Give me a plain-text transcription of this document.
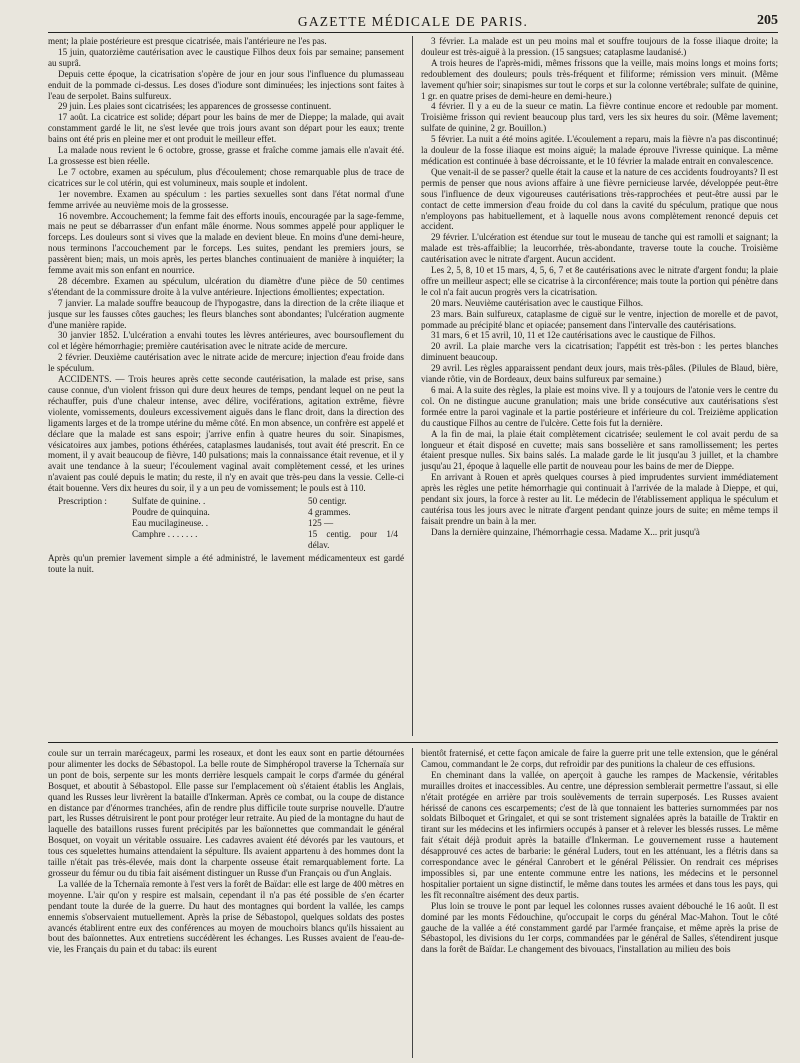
GAZETTE MÉDICALE DE PARIS.	205

ment; la plaie postérieure est presque cicatrisée, mais l'antérieure ne l'es pas.

15 juin, quatorzième cautérisation avec le caustique Filhos deux fois par semaine; pansement au suprâ.

Depuis cette époque, la cicatrisation s'opère de jour en jour sous l'influence du plumasseau enduit de la pommade ci-dessus. Les doses d'iodure sont diminuées; les injections sont faites à l'eau de serpolet. Bains sulfureux.

29 juin. Les plaies sont cicatrisées; les apparences de grossesse continuent.

17 août. La cicatrice est solide; départ pour les bains de mer de Dieppe; la malade, qui avait constamment gardé le lit, ne s'est levée que trois jours avant son départ pour les eaux; trente bains ont été pris en pleine mer et ont produit le meilleur effet.

La malade nous revient le 6 octobre, grosse, grasse et fraîche comme jamais elle n'avait été. La grossesse est bien réelle.

Le 7 octobre, examen au spéculum, plus d'écoulement; chose remarquable plus de trace de cicatrices sur le col utérin, qui est volumineux, mais souple et indolent.

1er novembre. Examen au spéculum : les parties sexuelles sont dans l'état normal d'une femme arrivée au neuvième mois de la grossesse.

16 novembre. Accouchement; la femme fait des efforts inouïs, encouragée par la sage-femme, mais ne peut se débarrasser d'un enfant mâle énorme. Nous sommes appelé pour appliquer le forceps. Les douleurs sont si vives que la malade en devient bleue. En moins d'une demi-heure, nous terminons l'accouchement par le forceps. Les suites, pendant les premiers jours, se passèrent bien; mais, un mois après, les pertes blanches continuaient de manière à inquiéter; la femme avait mis son enfant en nourrice.

28 décembre. Examen au spéculum, ulcération du diamètre d'une pièce de 50 centimes s'étendant de la commissure droite à la vulve antérieure. Injections émollientes; expectation.

7 janvier. La malade souffre beaucoup de l'hypogastre, dans la direction de la crête iliaque et jusque sur les fausses côtes gauches; les fleurs blanches sont abondantes; l'ulcération augmente d'une manière rapide.

30 janvier 1852. L'ulcération a envahi toutes les lèvres antérieures, avec boursouflement du col et légère hémorrhagie; première cautérisation avec le nitrate acide de mercure.

2 février. Deuxième cautérisation avec le nitrate acide de mercure; injection d'eau froide dans le spéculum.

ACCIDENTS. — Trois heures après cette seconde cautérisation, la malade est prise, sans cause connue, d'un violent frisson qui dure deux heures de temps, pendant lequel on ne peut la réchauffer, puis d'une chaleur intense, avec délire, vociférations, agitation extrême, fièvre violente, vomissements, douleurs excessivement aiguës dans le flanc droit, dans la direction des ligaments larges et de la trompe utérine du même côté. En mon absence, un confrère est appelé et déclare que la malade est sans espoir; j'arrive enfin à quatre heures du soir. Sinapismes, vésicatoires aux jambes, potions éthérées, cataplasmes laudanisés, tout avait été prescrit. En ce moment, il y avait beaucoup de fièvre, 140 pulsations; mais la connaissance était revenue, et il y avait une tendance à la sueur; l'écoulement vaginal avait complètement cessé, et les urines n'avaient pas coulé depuis le matin; du reste, il n'y en avait que très-peu dans la vessie. Celle-ci était bouenne. Vers dix heures du soir, il y a un peu de vomissement; le pouls est à 110.

Prescription :	Sulfate de quinine. .	50 centigr.
	Poudre de quinquina.	4 grammes.
	Eau mucilagineuse. .	125 —
	Camphre . . . . . . .	15 centig. pour 1/4 délav.

Après qu'un premier lavement simple a été administré, le lavement médicamenteux est gardé toute la nuit.

3 février. La malade est un peu moins mal et souffre toujours de la fosse iliaque droite; la douleur est très-aiguë à la pression. (15 sangsues; cataplasme laudanisé.)

A trois heures de l'après-midi, mêmes frissons que la veille, mais moins longs et moins forts; redoublement des douleurs; pouls très-fréquent et filiforme; rémission vers minuit. (Même lavement qu'hier soir; sinapismes sur tout le corps et sur la colonne vertébrale; sulfate de quinine, 1 gr. en quatre prises de demi-heure en demi-heure.)

4 février. Il y a eu de la sueur ce matin. La fièvre continue encore et redouble par moment. Troisième frisson qui revient beaucoup plus tard, vers les six heures du soir. (Même lavement; sulfate de quinine, 2 gr. Bouillon.)

5 février. La nuit a été moins agitée. L'écoulement a reparu, mais la fièvre n'a pas discontinué; la douleur de la fosse iliaque est moins aiguë; la malade éprouve l'ivresse quinique. La même médication est continuée à base décroissante, et le 10 février la malade entrait en convalescence.

Que venait-il de se passer? quelle était la cause et la nature de ces accidents foudroyants? Il est permis de penser que nous avions affaire à une fièvre pernicieuse larvée, développée peut-être sous l'influence de deux vigoureuses cautérisations très-rapprochées et peut-être aussi par le contact de cette immersion d'eau froide du col dans la cavité du spéculum, pratique que nous n'employons pas habituellement, et à laquelle nous avons complètement renoncé depuis cet accident.

29 février. L'ulcération est étendue sur tout le museau de tanche qui est ramolli et saignant; la malade est très-affaiblie; la leucorrhée, très-abondante, traverse toute la couche. Troisième cautérisation avec le nitrate d'argent. Aucun accident.

Les 2, 5, 8, 10 et 15 mars, 4, 5, 6, 7 et 8e cautérisations avec le nitrate d'argent fondu; la plaie offre un meilleur aspect; elle se cicatrise à la circonférence; mais toute la portion qui pénètre dans le col n'a fait aucun progrès vers la cicatrisation.

20 mars. Neuvième cautérisation avec le caustique Filhos.

23 mars. Bain sulfureux, cataplasme de ciguë sur le ventre, injection de morelle et de pavot, pommade au précipité blanc et opiacée; pansement dans l'intervalle des cautérisations.

31 mars, 6 et 15 avril, 10, 11 et 12e cautérisations avec le caustique de Filhos.

20 avril. La plaie marche vers la cicatrisation; l'appétit est très-bon : les pertes blanches diminuent beaucoup.

29 avril. Les règles apparaissent pendant deux jours, mais très-pâles. (Pilules de Blaud, bière, viande rôtie, vin de Bordeaux, deux bains sulfureux par semaine.)

6 mai. A la suite des règles, la plaie est moins vive. Il y a toujours de l'atonie vers le centre du col. On ne distingue aucune granulation; mais une bride consécutive aux cautérisations s'est formée entre la paroi vaginale et la partie postérieure et inférieure du col. Treizième application du caustique Filhos au centre de l'ulcère. Cette fois fut la dernière.

A la fin de mai, la plaie était complètement cicatrisée; seulement le col avait perdu de sa longueur et était disposé en cuvette; mais sans bosselière et sans ramollissement; les pertes étaient presque nulles. Six bains salés. La malade garde le lit jusqu'au 3 juillet, et la chambre jusqu'au 21, époque à laquelle elle partit de nouveau pour les bains de mer de Dieppe.

En arrivant à Rouen et après quelques courses à pied imprudentes survient immédiatement après les règles une petite hémorrhagie qui continuait à l'arrivée de la malade à Dieppe, et qui, pendant six jours, la force à rester au lit. Le médecin de l'établissement appliqua le spéculum et cautérisa tous les jours avec le nitrate d'argent pendant quinze jours de suite; en même temps il faisait prendre un bain à la mer.

Dans la dernière quinzaine, l'hémorrhagie cessa. Madame X... prit jusqu'à

coule sur un terrain marécageux, parmi les roseaux, et dont les eaux sont en partie détournées pour alimenter les docks de Sébastopol. La belle route de Simphéropol traverse la Tchernaïa sur un pont de bois, serpente sur les monts derrière lesquels campait le corps d'armée du général Bosquet, et aboutit à Sébastopol. Elle passe sur l'emplacement où s'étaient établis les Anglais, quand les Russes leur livrèrent la bataille d'Inkerman. Après ce combat, ou la coupe de distance en distance par d'énormes tranchées, afin de rendre plus difficile toute surprise nouvelle. D'autre part, les Russes détruisirent le pont pour protéger leur retraite. Au pied de la montagne du haut de laquelle des bataillons russes furent précipités par les baïonnettes que commandait le général Bosquet, on voyait un véritable ossuaire. Les cadavres avaient été dévorés par les vautours, et tous ces squelettes humains attendaient la sépulture. Ils avaient appartenu à des hommes dont la taille n'était pas très-élevée, mais dont la charpente osseuse était remarquablement forte. La grosseur du fémur ou du tibia fait aisément distinguer un Russe d'un Français ou d'un Anglais.

La vallée de la Tchernaïa remonte à l'est vers la forêt de Baïdar: elle est large de 400 mètres en moyenne. L'air qu'on y respire est malsain, cependant il n'a pas été possible de s'en écarter pendant toute la durée de la guerre. Du haut des montagnes qui bordent la vallée, les camps ennemis s'observaient mutuellement. Après la prise de Sébastopol, quelques soldats des postes avancés établirent entre eux des conférences au moyen de mouchoirs blancs qu'ils hissaient au bout des baïonnettes. Aux entretiens succédèrent les échanges. Les Russes avaient de l'eau-de-vie, les Français du pain et du tabac: ils eurent

bientôt fraternisé, et cette façon amicale de faire la guerre prit une telle extension, que le général Camou, commandant le 2e corps, dut refroidir par des punitions la chaleur de ces effusions.

En cheminant dans la vallée, on aperçoit à gauche les rampes de Mackensie, véritables murailles droites et inaccessibles. Au centre, une dépression semblerait permettre l'assaut, si elle n'était protégée en arrière par trois soulèvements de terrain superposés. Les Russes avaient hérissé de canons ces escarpements; c'est de là que tonnaient les batteries surnommées par nos soldats Bilboquet et Gringalet, et qui se sont tristement signalées après la bataille de Traktir en tirant sur les médecins et les infirmiers occupés à panser et à relever les blessés russes. Le même fait s'était déjà produit après la bataille d'Inkerman. Le gouvernement russe a hautement désapprouvé ces actes de barbarie: le général Luders, tout en les atténuant, les a flétris dans sa correspondance avec le général Canrobert et le général Pélissier. On rendrait ces méprises impossibles si, par une entente commune entre les nations, les médecins et le personnel hospitalier portaient un signe distinctif, le même dans toutes les armées et dans tous les pays, qui les fît reconnaître aisément des deux partis.

Plus loin se trouve le pont par lequel les colonnes russes avaient débouché le 16 août. Il est dominé par les monts Fédouchine, qu'occupait le corps du général Mac-Mahon. Tout le côté gauche de la vallée a été constamment gardé par l'armée française, et même après la prise de Sébastopol, les divisions du 1er corps, commandées par le général de Salles, s'étendirent jusque dans la forêt de Baïdar. Le changement des bivouacs, l'installation au milieu des bois
